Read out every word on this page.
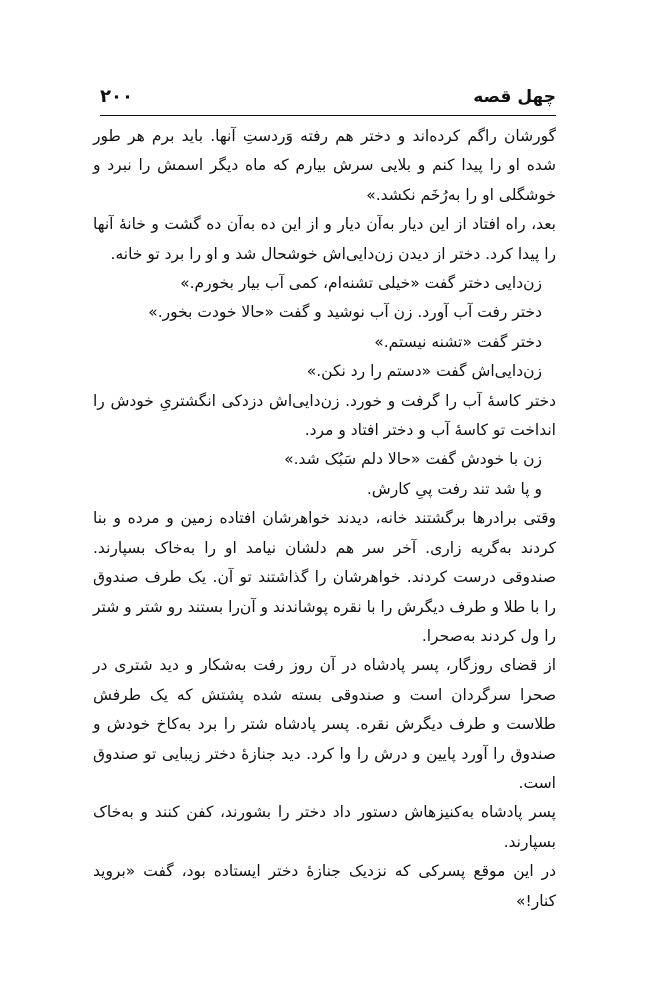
۲۰۰	چهل قصه

گورشان راگم کرده‌اند و دختر هم رفته وَردستِ آنها. باید برم هر طور شده او را پیدا کنم و بلایی سرش بیارم که ماه دیگر اسمش را نبرد و خوشگلی او را به‌رُخَم نکشد.»

بعد، راه افتاد از این دیار به‌آن دیار و از این ده به‌آن ده گشت و خانهٔ آنها را پیدا کرد. دختر از دیدن زن‌دایی‌اش خوشحال شد و او را برد تو خانه.

زن‌دایی دختر گفت «خیلی تشنه‌ام، کمی آب بیار بخورم.»

دختر رفت آب آورد. زن آب نوشید و گفت «حالا خودت بخور.»

دختر گفت «تشنه نیستم.»

زن‌دایی‌اش گفت «دستم را رد نکن.»

دختر کاسهٔ آب را گرفت و خورد. زن‌دایی‌اش دزدکی انگشتریِ خودش را انداخت تو کاسهٔ آب و دختر افتاد و مرد.

زن با خودش گفت «حالا دلم سَبُک شد.»

و پا شد تند رفت پیِ کارش.

وقتی برادرها برگشتند خانه، دیدند خواهرشان افتاده زمین و مرده و بنا کردند به‌گریه زاری. آخر سر هم دلشان نیامد او را به‌خاک بسپارند. صندوقی درست کردند. خواهرشان را گذاشتند تو آن. یک طرف صندوق را با طلا و طرف دیگرش را با نقره پوشاندند و آن‌را بستند رو شتر و شتر را ول کردند به‌صحرا.

از قضای روزگار، پسر پادشاه در آن روز رفت به‌شکار و دید شتری در صحرا سرگردان است و صندوقی بسته شده پشتش که یک طرفش طلاست و طرف دیگرش نقره. پسر پادشاه شتر را برد به‌کاخ خودش و صندوق را آورد پایین و درش را وا کرد. دید جنازهٔ دختر زیبایی تو صندوق است.

پسر پادشاه به‌کنیزهاش دستور داد دختر را بشورند، کفن کنند و به‌خاک بسپارند.

در این موقع پسرکی که نزدیک جنازهٔ دختر ایستاده بود، گفت «بروید کنار!»
